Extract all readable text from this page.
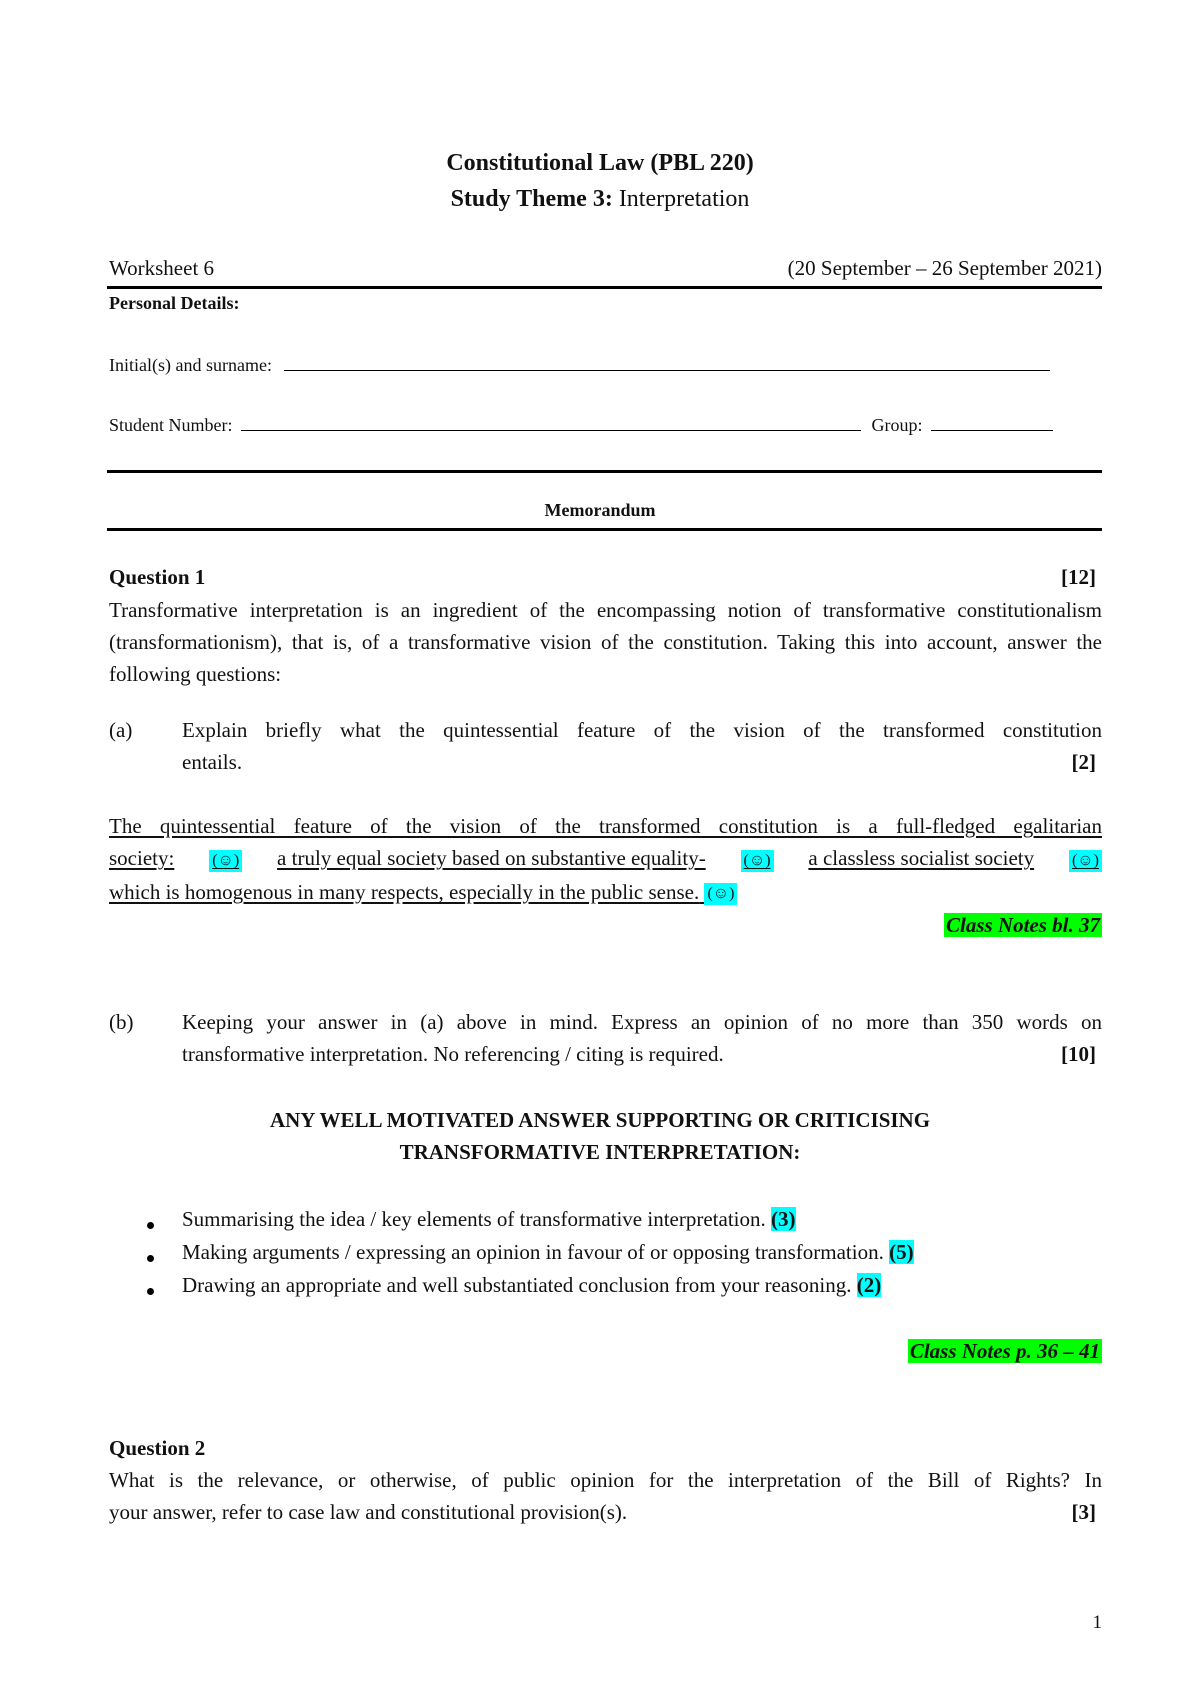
Constitutional Law (PBL 220)
Study Theme 3: Interpretation
Worksheet 6	(20 September – 26 September 2021)
Personal Details:
Initial(s) and surname:
Student Number:	Group:
Memorandum
Question 1	[12]
Transformative interpretation is an ingredient of the encompassing notion of transformative constitutionalism (transformationism), that is, of a transformative vision of the constitution. Taking this into account, answer the following questions:
(a) Explain briefly what the quintessential feature of the vision of the transformed constitution
entails.	[2]
The quintessential feature of the vision of the transformed constitution is a full-fledged egalitarian
society: (☺) a truly equal society based on substantive equality- (☺) a classless socialist society (☺)
which is homogenous in many respects, especially in the public sense. (☺)
Class Notes bl. 37
(b) Keeping your answer in (a) above in mind. Express an opinion of no more than 350 words on
transformative interpretation. No referencing / citing is required.	[10]
ANY WELL MOTIVATED ANSWER SUPPORTING OR CRITICISING
TRANSFORMATIVE INTERPRETATION:
Summarising the idea / key elements of transformative interpretation. (3)
Making arguments / expressing an opinion in favour of or opposing transformation. (5)
Drawing an appropriate and well substantiated conclusion from your reasoning. (2)
Class Notes p. 36 – 41
Question 2
What is the relevance, or otherwise, of public opinion for the interpretation of the Bill of Rights? In
your answer, refer to case law and constitutional provision(s).	[3]
1
